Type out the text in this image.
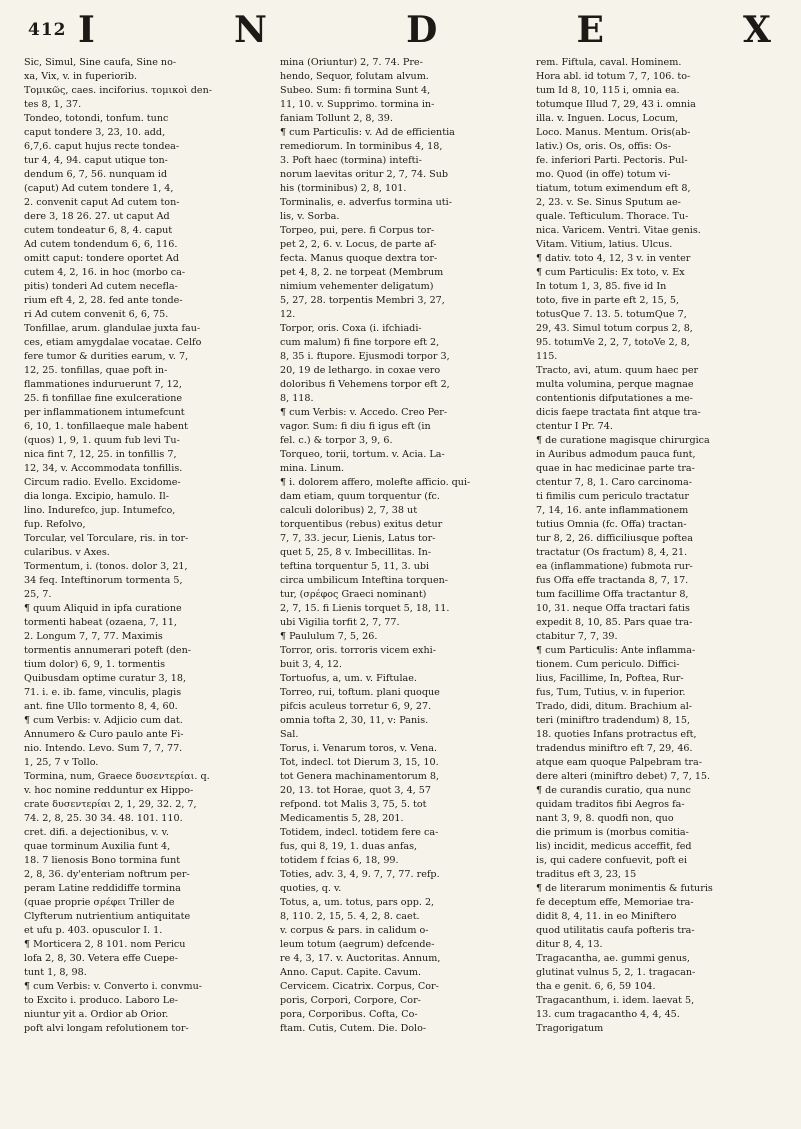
412 I	N	D	E	X
Sic, Simul, Sine caufa, Sine no-
xa, Vix, v. in fuperiorib.
Τομικῶς, caes. inciforius. τομικοὶ den-
tes 8, 1, 37.
Tondeo, totondi, tonfum. tunc
caput tondere 3, 23, 10. add,
6,7,6. caput hujus recte tondea-
tur 4, 4, 94. caput utique ton-
dendum 6, 7, 56. nunquam id
(caput) Ad cutem tondere 1, 4,
2. convenit caput Ad cutem ton-
dere 3, 18 26. 27. ut caput Ad
cutem tondeatur 6, 8, 4. caput
Ad cutem tondendum 6, 6, 116.
omitt caput: tondere oportet Ad
cutem 4, 2, 16. in hoc (morbo ca-
pitis) tonderi Ad cutem necefla-
rium eft 4, 2, 28. fed ante tonde-
ri Ad cutem convenit 6, 6, 75.
Tonfillae, arum. glandulae juxta fau-
ces, etiam amygdalae vocatae. Celfo
fere tumor & durities earum, v. 7,
12, 25. tonfillas, quae poft in-
flammationes induruerunt 7, 12,
25. fi tonfillae fine exulceratione
per inflammationem intumefcunt
6, 10, 1. tonfillaeque male habent
(quos) 1, 9, 1. quum fub levi Tu-
nica fint 7, 12, 25. in tonfillis 7,
12, 34, v. Accommodata tonfillis.
Circum radio. Evello. Excidome-
dia longa. Excipio, hamulo. Il-
lino. Indurefco, jup. Intumefco,
fup. Refolvo,
Torcular, vel Torculare, ris. in tor-
cularibus. v Axes.
Tormentum, i. (tonos. dolor 3, 21,
34 feq. Inteftinorum tormenta 5,
25, 7.
¶ quum Aliquid in ipfa curatione
tormenti habeat (ozaena, 7, 11,
2. Longum 7, 7, 77. Maximis
tormentis annumerari poteft (den-
tium dolor) 6, 9, 1. tormentis
Quibusdam optime curatur 3, 18,
71. i. e. ib. fame, vinculis, plagis
ant. fine Ullo tormento 8, 4, 60.
¶ cum Verbis: v. Adjicio cum dat.
Annumero & Curo paulo ante Fi-
nio. Intendo. Levo. Sum 7, 7, 77.
1, 25, 7 v Tollo.
Tormina, num, Graece δυσεντερίαι. q.
v. hoc nomine redduntur ex Hippo-
crate δυσεντερίαι 2, 1, 29, 32. 2, 7,
74. 2, 8, 25. 30 34. 48. 101. 110.
cret. difi. a dejectionibus, v. v.
quae torminum Auxilia funt 4,
18. 7 lienosis Bono tormina funt
2, 8, 36. dy'enteriam noftrum per-
peram Latine reddidiffe tormina
(quae proprie σρέφει Triller de
Clyfterum nutrientium antiquitate
et ufu p. 403. opusculor I. 1.
¶ Morticera 2, 8 101. nom Pericu
lofa 2, 8, 30. Vetera effe Cuepe-
tunt 1, 8, 98.
¶ cum Verbis: v. Converto i. convmu-
to Excito i. produco. Laboro Le-
niuntur yit a. Ordior ab Orior.
poft alvi longam refolutionem tor-
mina (Oriuntur) 2, 7. 74. Pre-
hendo, Sequor, folutam alvum.
Subeo. Sum: fi tormina Sunt 4,
11, 10. v. Supprimo. tormina in-
faniam Tollunt 2, 8, 39.
¶ cum Particulis: v. Ad de efficientia
remediorum. In torminibus 4, 18,
3. Poft haec (tormina) intefti-
norum laevitas oritur 2, 7, 74. Sub
his (torminibus) 2, 8, 101.
Torminalis, e. adverfus tormina uti-
lis, v. Sorba.
Torpeo, pui, pere. fi Corpus tor-
pet 2, 2, 6. v. Locus, de parte af-
fecta. Manus quoque dextra tor-
pet 4, 8, 2. ne torpeat (Membrum
nimium vehementer deligatum)
5, 27, 28. torpentis Membri 3, 27,
12.
Torpor, oris. Coxa (i. ifchiadi-
cum malum) fi fine torpore eft 2,
8, 35 i. ftupore. Ejusmodi torpor 3,
20, 19 de lethargo. in coxae vero
doloribus fi Vehemens torpor eft 2,
8, 118.
¶ cum Verbis: v. Accedo. Creo Per-
vagor. Sum: fi diu fi igus eft (in
fel. c.) & torpor 3, 9, 6.
Torqueo, torii, tortum. v. Acia. La-
mina. Linum.
¶ i. dolorem affero, molefte afficio. qui-
dam etiam, quum torquentur (fc.
calculi doloribus) 2, 7, 38 ut
torquentibus (rebus) exitus detur
7, 7, 33. jecur, Lienis, Latus tor-
quet 5, 25, 8 v. Imbecillitas. In-
teftina torquentur 5, 11, 3. ubi
circa umbilicum Inteftina torquen-
tur, (σρέφος Graeci nominant)
2, 7, 15. fi Lienis torquet 5, 18, 11.
ubi Vigilia torfit 2, 7, 77.
¶ Paululum 7, 5, 26.
Torror, oris. torroris vicem exhi-
buit 3, 4, 12.
Tortuofus, a, um. v. Fiftulae.
Torreo, rui, toftum. plani quoque
pifcis aculeus torretur 6, 9, 27.
omnia tofta 2, 30, 11, v: Panis.
Sal.
Torus, i. Venarum toros, v. Vena.
Tot, indecl. tot Dierum 3, 15, 10.
tot Genera machinamentorum 8,
20, 13. tot Horae, quot 3, 4, 57
refpond. tot Malis 3, 75, 5. tot
Medicamentis 5, 28, 201.
Totidem, indecl. totidem fere ca-
fus, qui 8, 19, 1. duas anfas,
totidem f fcias 6, 18, 99.
Toties, adv. 3, 4, 9. 7, 7, 77. refp.
quoties, q. v.
Totus, a, um. totus, pars opp. 2,
8, 110. 2, 15, 5. 4, 2, 8. caet.
v. corpus & pars. in calidum o-
leum totum (aegrum) defcende-
re 4, 3, 17. v. Auctoritas. Annum,
Anno. Caput. Capite. Cavum.
Cervicem. Cicatrix. Corpus, Cor-
poris, Corpori, Corpore, Cor-
pora, Corporibus. Cofta, Co-
ftam. Cutis, Cutem. Die. Dolo-
rem. Fiftula, caval. Hominem.
Hora abl. id totum 7, 7, 106. to-
tum Id 8, 10, 115 i, omnia ea.
totumque Illud 7, 29, 43 i. omnia
illa. v. Inguen. Locus, Locum,
Loco. Manus. Mentum. Oris(ab-
lativ.) Os, oris. Os, offis: Os-
fe. inferiori Parti. Pectoris. Pul-
mo. Quod (in offe) totum vi-
tiatum, totum eximendum eft 8,
2, 23. v. Se. Sinus Sputum ae-
quale. Tefticulum. Thorace. Tu-
nica. Varicem. Ventri. Vitae genis.
Vitam. Vitium, latius. Ulcus.
¶ dativ. toto 4, 12, 3 v. in venter
¶ cum Particulis: Ex toto, v. Ex
In totum 1, 3, 85. five id In
toto, five in parte eft 2, 15, 5,
totusQue 7. 13. 5. totumQue 7,
29, 43. Simul totum corpus 2, 8,
95. totumVe 2, 2, 7, totoVe 2, 8,
115.
Tracto, avi, atum. quum haec per
multa volumina, perque magnae
contentionis difputationes a me-
dicis faepe tractata fint atque tra-
ctentur I Pr. 74.
¶ de curatione magisque chirurgica
in Auribus admodum pauca funt,
quae in hac medicinae parte tra-
ctentur 7, 8, 1. Caro carcinoma-
ti fimilis cum periculo tractatur
7, 14, 16. ante inflammationem
tutius Omnia (fc. Offa) tractan-
tur 8, 2, 26. difficiliusque poftea
tractatur (Os fractum) 8, 4, 21.
ea (inflammatione) fubmota rur-
fus Offa effe tractanda 8, 7, 17.
tum facillime Offa tractantur 8,
10, 31. neque Offa tractari fatis
expedit 8, 10, 85. Pars quae tra-
ctabitur 7, 7, 39.
¶ cum Particulis: Ante inflamma-
tionem. Cum periculo. Diffici-
lius, Facillime, In, Poftea, Rur-
fus, Tum, Tutius, v. in fuperior.
Trado, didi, ditum. Brachium al-
teri (miniftro tradendum) 8, 15,
18. quoties Infans protractus eft,
tradendus miniftro eft 7, 29, 46.
atque eam quoque Palpebram tra-
dere alteri (miniftro debet) 7, 7, 15.
¶ de curandis curatio, qua nunc
quidam traditos fibi Aegros fa-
nant 3, 9, 8. quodfi non, quo
die primum is (morbus comitia-
lis) incidit, medicus acceffit, fed
is, qui cadere confuevit, poft ei
traditus eft 3, 23, 15
¶ de literarum monimentis & futuris
fe deceptum effe, Memoriae tra-
didit 8, 4, 11. in eo Miniftero
quod utilitatis caufa pofteris tra-
ditur 8, 4, 13.
Tragacantha, ae. gummi genus,
glutinat vulnus 5, 2, 1. tragacan-
tha e genit. 6, 6, 59 104.
Tragacanthum, i. idem. laevat 5,
13. cum tragacantho 4, 4, 45.
Tragorigatum
